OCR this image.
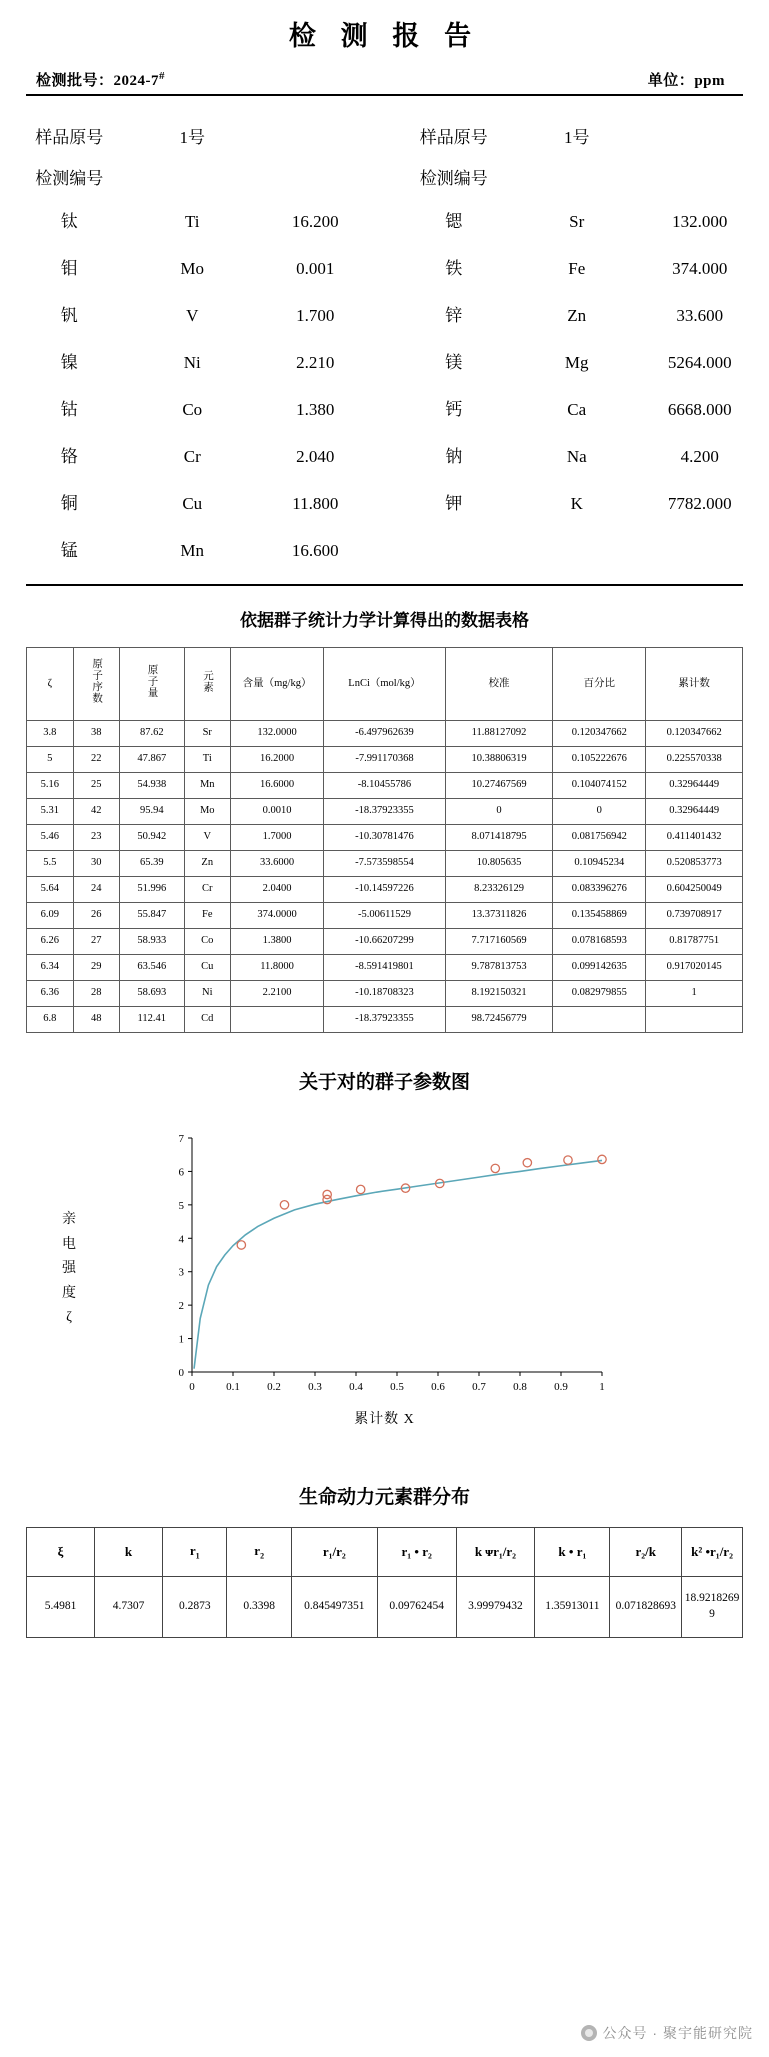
检 测 报 告
检测批号：2024-7#	单位：ppm
样品原号	1号	样品原号	1号
检测编号	检测编号
钛	Ti	16.200	锶	Sr	132.000
钼	Mo	0.001	铁	Fe	374.000
钒	V	1.700	锌	Zn	33.600
镍	Ni	2.210	镁	Mg	5264.000
钴	Co	1.380	钙	Ca	6668.000
铬	Cr	2.040	钠	Na	4.200
铜	Cu	11.800	钾	K	7782.000
锰	Mn	16.600
依据群子统计力学计算得出的数据表格
ζ	原子序数	原子量	元素	含量（mg/kg）	LnCi（mol/kg）	校准	百分比	累计数
3.8	38	87.62	Sr	132.0000	-6.497962639	11.88127092	0.120347662	0.120347662
5	22	47.867	Ti	16.2000	-7.991170368	10.38806319	0.105222676	0.225570338
5.16	25	54.938	Mn	16.6000	-8.10455786	10.27467569	0.104074152	0.32964449
5.31	42	95.94	Mo	0.0010	-18.37923355	0	0	0.32964449
5.46	23	50.942	V	1.7000	-10.30781476	8.071418795	0.081756942	0.411401432
5.5	30	65.39	Zn	33.6000	-7.573598554	10.805635	0.10945234	0.520853773
5.64	24	51.996	Cr	2.0400	-10.14597226	8.23326129	0.083396276	0.604250049
6.09	26	55.847	Fe	374.0000	-5.00611529	13.37311826	0.135458869	0.739708917
6.26	27	58.933	Co	1.3800	-10.66207299	7.717160569	0.078168593	0.81787751
6.34	29	63.546	Cu	11.8000	-8.591419801	9.787813753	0.099142635	0.917020145
6.36	28	58.693	Ni	2.2100	-10.18708323	8.192150321	0.082979855	1
6.8	48	112.41	Cd		-18.37923355	98.72456779		
关于对的群子参数图
亲
电
强
度
ζ
0
1
2
3
4
5
6
7
0	0.1 0.2 0.3 0.4 0.5 0.6 0.7 0.8 0.9	1
累计数 X
生命动力元素群分布
ξ	k	$r_1$	$r_2$	r₁/r₂	r₁ • r₂	k ᴪr₁/r₂	k • r₁	r₂/k	k² •r₁/r₂
5.4981	4.7307	0.2873	0.3398	0.845497351	0.09762454	3.99979432	1.35913011	0.071828693	18.92182699
公众号 · 聚宇能研究院
